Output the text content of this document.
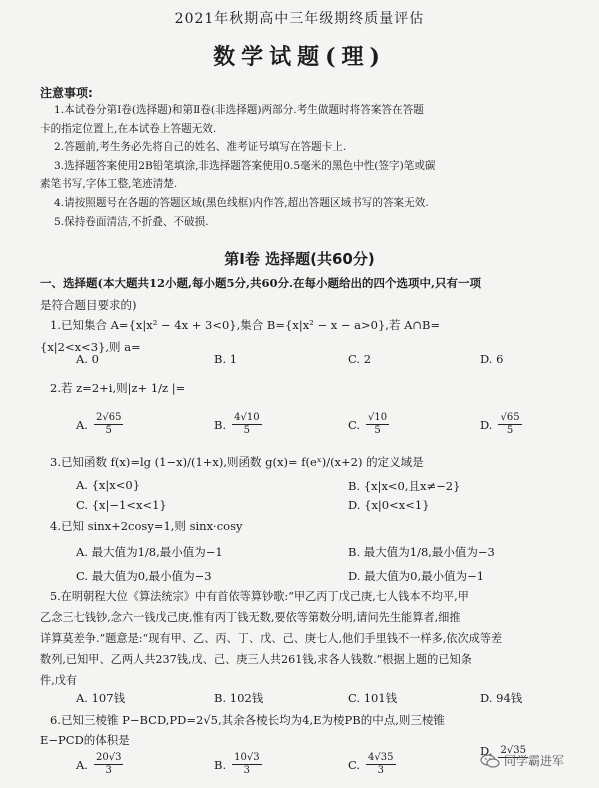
2021年秋期高中三年级期终质量评估
数学试题(理)
注意事项:
1.本试卷分第Ⅰ卷(选择题)和第Ⅱ卷(非选择题)两部分.考生做题时将答案答在答题
卡的指定位置上,在本试卷上答题无效.
2.答题前,考生务必先将自己的姓名、准考证号填写在答题卡上.
3.选择题答案使用2B铅笔填涂,非选择题答案使用0.5毫米的黑色中性(签字)笔或碳
素笔书写,字体工整,笔迹清楚.
4.请按照题号在各题的答题区域(黑色线框)内作答,超出答题区域书写的答案无效.
5.保持卷面清洁,不折叠、不破损.
第Ⅰ卷 选择题(共60分)
一、选择题(本大题共12小题,每小题5分,共60分.在每小题给出的四个选项中,只有一项
是符合题目要求的)
1.已知集合 A={x|x² − 4x + 3<0},集合 B={x|x² − x − a>0},若 A∩B=
{x|2<x<3},则 a=
A. 0	B. 1	C. 2	D. 6
2.若 z=2+i,则|z+ 1/z |=
A. $\frac{2√65}{5}$	B. $\frac{4√10}{5}$	C. $\frac{√10}{5}$	D. $\frac{√65}{5}$
3.已知函数 f(x)=lg (1−x)/(1+x),则函数 g(x)= f(eˣ)/(x+2) 的定义域是
A. {x|x<0}	B. {x|x<0,且x≠−2}
C. {x|−1<x<1}	D. {x|0<x<1}
4.已知 sinx+2cosy=1,则 sinx·cosy
A. 最大值为1/8,最小值为−1	B. 最大值为1/8,最小值为−3
C. 最大值为0,最小值为−3	D. 最大值为0,最小值为−1
5.在明朝程大位《算法统宗》中有首依等算钞歌:“甲乙丙丁戊己庚,七人钱本不均平,甲
乙念三七钱钞,念六一钱戊己庚,惟有丙丁钱无数,要依等第数分明,请问先生能算者,细推
详算莫差争.”题意是:“现有甲、乙、丙、丁、戊、己、庚七人,他们手里钱不一样多,依次成等差
数列,已知甲、乙两人共237钱,戊、己、庚三人共261钱,求各人钱数.”根据上题的已知条
件,戊有
A. 107钱	B. 102钱	C. 101钱	D. 94钱
6.已知三棱锥 P−BCD,PD=2√5,其余各棱长均为4,E为棱PB的中点,则三棱锥
E−PCD的体积是
A. $\frac{20√3}{3}$	B. $\frac{10√3}{3}$	C. $\frac{4√35}{3}$
D. 2√35
同学霸进军
